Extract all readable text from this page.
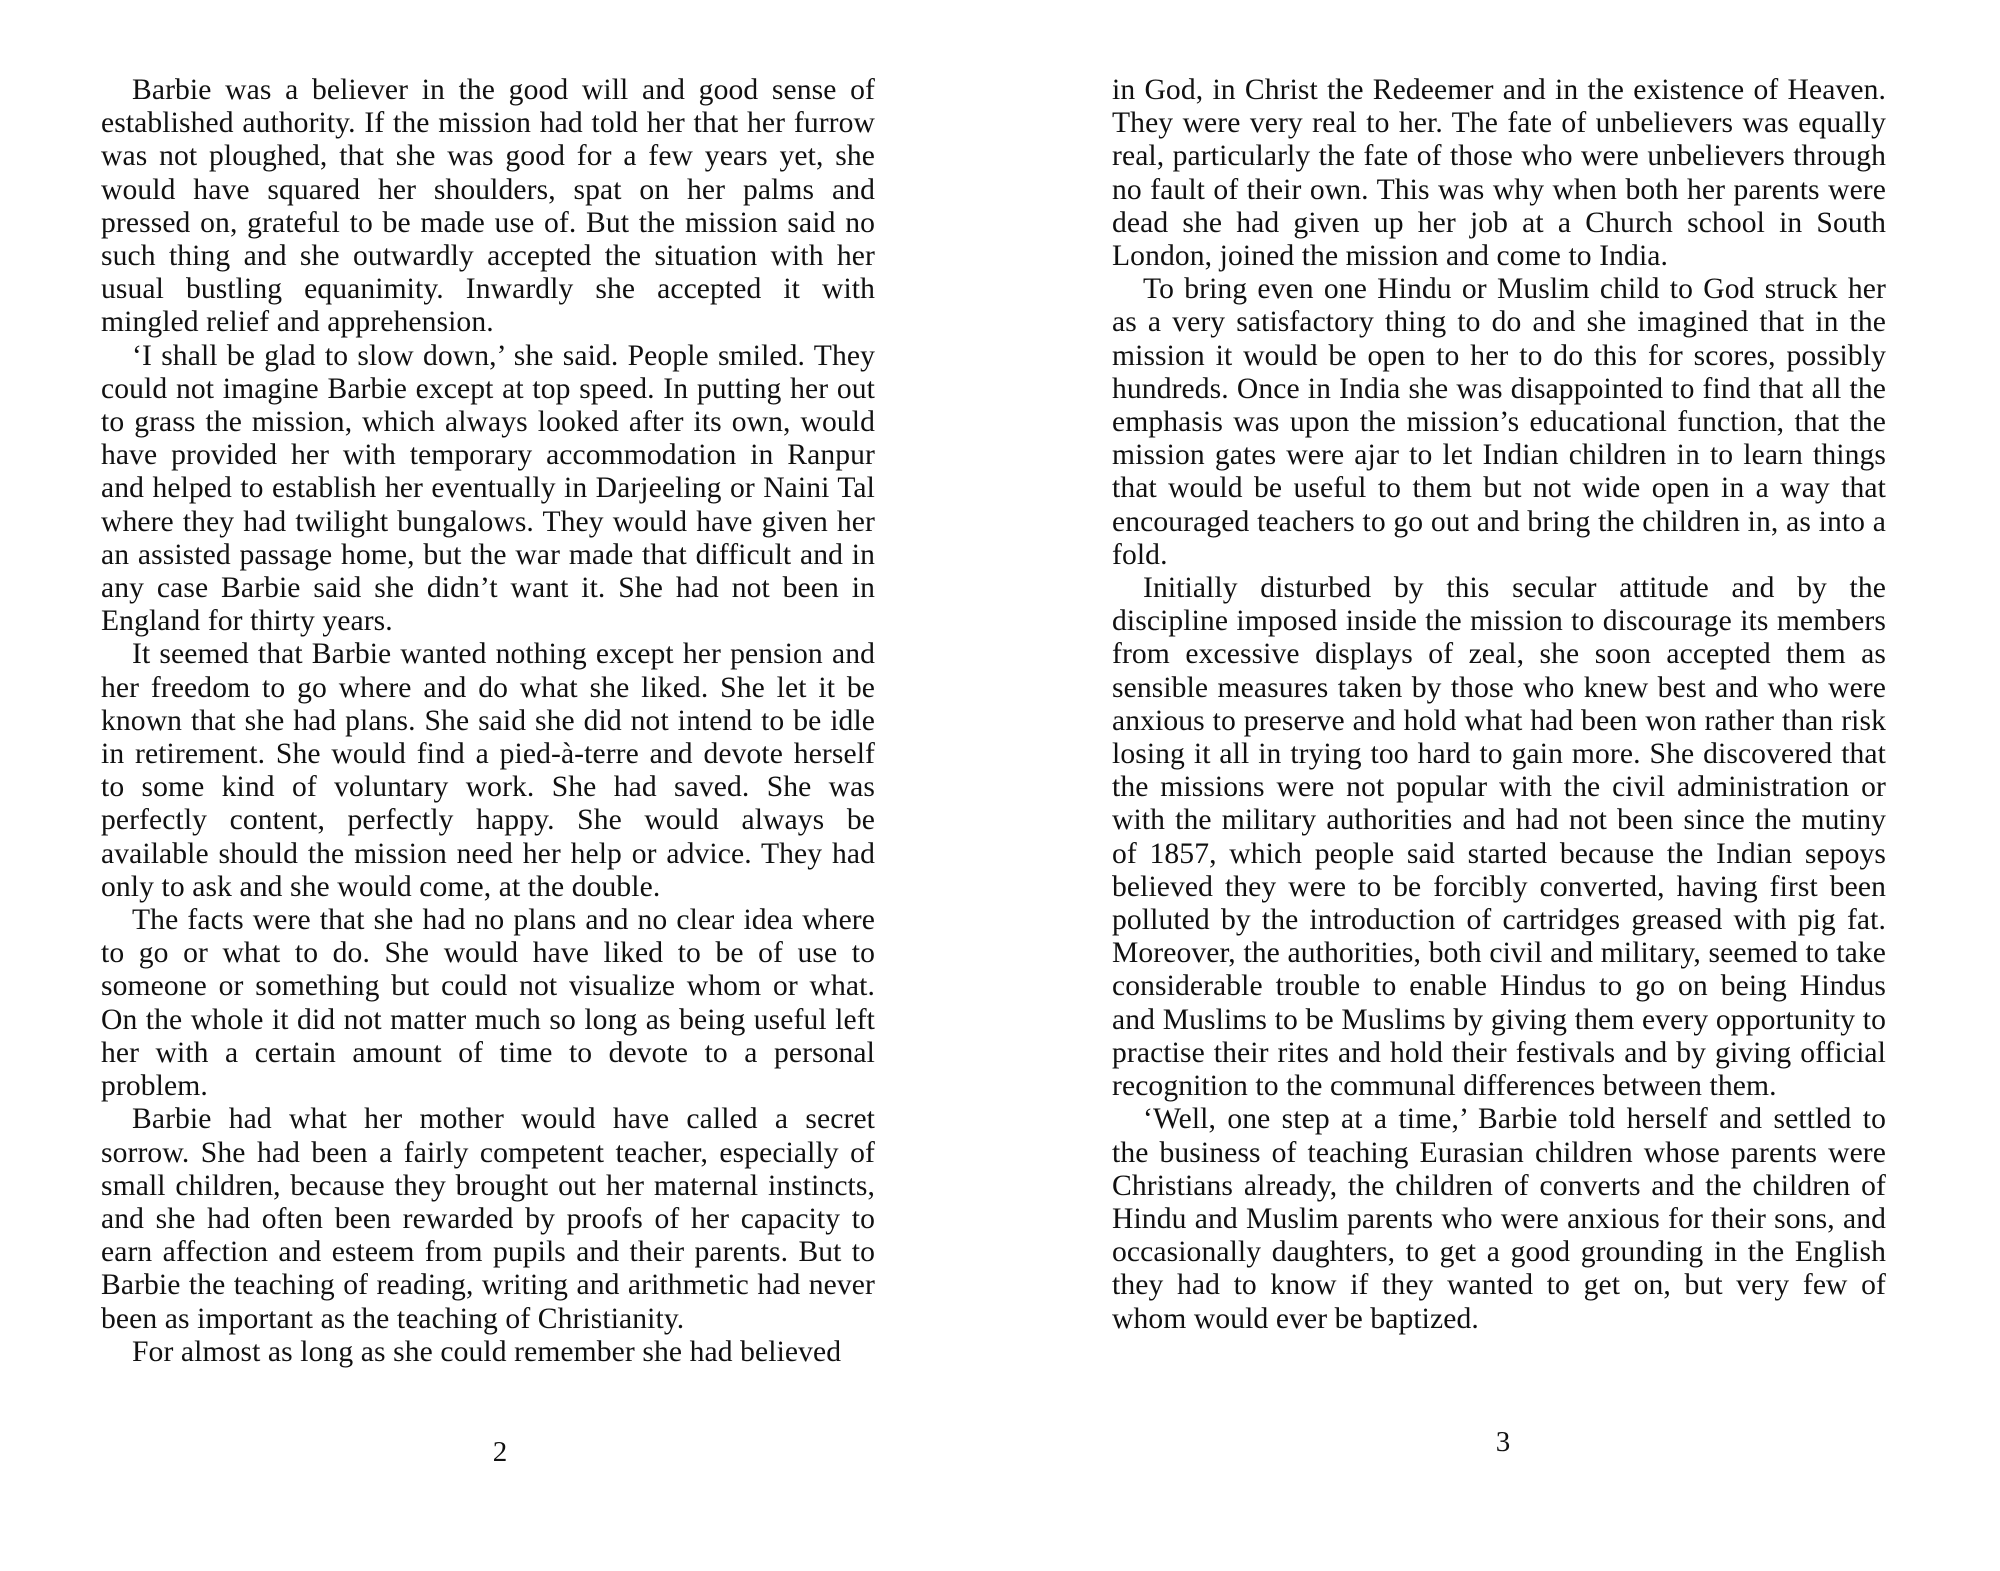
Barbie was a believer in the good will and good sense of established authority. If the mission had told her that her furrow was not ploughed, that she was good for a few years yet, she would have squared her shoulders, spat on her palms and pressed on, grateful to be made use of. But the mission said no such thing and she outwardly accepted the situation with her usual bustling equanimity. Inwardly she accepted it with mingled relief and apprehension.

‘I shall be glad to slow down,’ she said. People smiled. They could not imagine Barbie except at top speed. In putting her out to grass the mission, which always looked after its own, would have provided her with temporary accommodation in Ranpur and helped to establish her eventually in Darjeeling or Naini Tal where they had twilight bungalows. They would have given her an assisted passage home, but the war made that difficult and in any case Barbie said she didn’t want it. She had not been in England for thirty years.

It seemed that Barbie wanted nothing except her pension and her freedom to go where and do what she liked. She let it be known that she had plans. She said she did not intend to be idle in retirement. She would find a pied-à-terre and devote herself to some kind of voluntary work. She had saved. She was perfectly content, perfectly happy. She would always be available should the mission need her help or advice. They had only to ask and she would come, at the double.

The facts were that she had no plans and no clear idea where to go or what to do. She would have liked to be of use to someone or something but could not visualize whom or what. On the whole it did not matter much so long as being useful left her with a certain amount of time to devote to a personal problem.

Barbie had what her mother would have called a secret sorrow. She had been a fairly competent teacher, especially of small children, because they brought out her maternal instincts, and she had often been rewarded by proofs of her capacity to earn affection and esteem from pupils and their parents. But to Barbie the teaching of reading, writing and arithmetic had never been as important as the teaching of Christianity.

For almost as long as she could remember she had believed

2

in God, in Christ the Redeemer and in the existence of Heaven. They were very real to her. The fate of unbelievers was equally real, particularly the fate of those who were unbelievers through no fault of their own. This was why when both her parents were dead she had given up her job at a Church school in South London, joined the mission and come to India.

To bring even one Hindu or Muslim child to God struck her as a very satisfactory thing to do and she imagined that in the mission it would be open to her to do this for scores, possibly hundreds. Once in India she was disappointed to find that all the emphasis was upon the mission’s educational function, that the mission gates were ajar to let Indian children in to learn things that would be useful to them but not wide open in a way that encouraged teachers to go out and bring the children in, as into a fold.

Initially disturbed by this secular attitude and by the discipline imposed inside the mission to discourage its members from excessive displays of zeal, she soon accepted them as sensible measures taken by those who knew best and who were anxious to preserve and hold what had been won rather than risk losing it all in trying too hard to gain more. She discovered that the missions were not popular with the civil administration or with the military authorities and had not been since the mutiny of 1857, which people said started because the Indian sepoys believed they were to be forcibly converted, having first been polluted by the introduction of cartridges greased with pig fat. Moreover, the authorities, both civil and military, seemed to take considerable trouble to enable Hindus to go on being Hindus and Muslims to be Muslims by giving them every opportunity to practise their rites and hold their festivals and by giving official recognition to the communal differences between them.

‘Well, one step at a time,’ Barbie told herself and settled to the business of teaching Eurasian children whose parents were Christians already, the children of converts and the children of Hindu and Muslim parents who were anxious for their sons, and occasionally daughters, to get a good grounding in the English they had to know if they wanted to get on, but very few of whom would ever be baptized.

3
